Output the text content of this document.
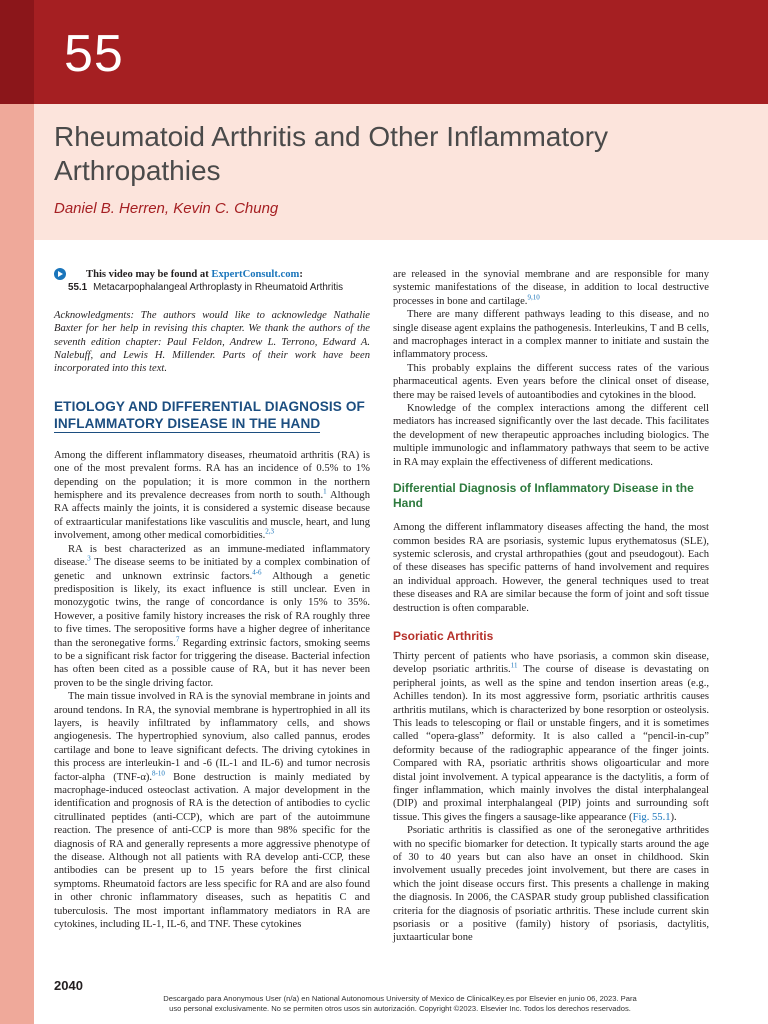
55
Rheumatoid Arthritis and Other Inflammatory Arthropathies
Daniel B. Herren, Kevin C. Chung

This video may be found at ExpertConsult.com:

55.1 Metacarpophalangeal Arthroplasty in Rheumatoid Arthritis

Acknowledgments: The authors would like to acknowledge Nathalie Baxter for her help in revising this chapter. We thank the authors of the seventh edition chapter: Paul Feldon, Andrew L. Terrono, Edward A. Nalebuff, and Lewis H. Millender. Parts of their work have been incorporated into this text.

ETIOLOGY AND DIFFERENTIAL DIAGNOSIS OF
INFLAMMATORY DISEASE IN THE HAND

Among the different inflammatory diseases, rheumatoid arthritis (RA) is one of the most prevalent forms. RA has an incidence of 0.5% to 1% depending on the population; it is more common in the northern hemisphere and its prevalence decreases from north to south.$^1$ Although RA affects mainly the joints, it is considered a systemic disease because of extraarticular manifestations like vasculitis and muscle, heart, and lung involvement, among other medical comorbidities.$^{2,3}$

RA is best characterized as an immune-mediated inflammatory disease.$^3$ The disease seems to be initiated by a complex combination of genetic and unknown extrinsic factors.$^{4-6}$ Although a genetic predisposition is likely, its exact influence is still unclear. Even in monozygotic twins, the range of concordance is only 15% to 35%. However, a positive family history increases the risk of RA roughly three to five times. The seropositive forms have a higher degree of inheritance than the seronegative forms.$^7$ Regarding extrinsic factors, smoking seems to be a significant risk factor for triggering the disease. Bacterial infection has often been cited as a possible cause of RA, but it has never been proven to be the single driving factor.

The main tissue involved in RA is the synovial membrane in joints and around tendons. In RA, the synovial membrane is hypertrophied in all its layers, is heavily infiltrated by inflammatory cells, and shows angiogenesis. The hypertrophied synovium, also called pannus, erodes cartilage and bone to leave significant defects. The driving cytokines in this process are interleukin-1 and -6 (IL-1 and IL-6) and tumor necrosis factor-alpha (TNF-α).$^{8-10}$ Bone destruction is mainly mediated by macrophage-induced osteoclast activation. A major development in the identification and prognosis of RA is the detection of antibodies to cyclic citrullinated peptides (anti-CCP), which are part of the autoimmune reaction. The presence of anti-CCP is more than 98% specific for the diagnosis of RA and generally represents a more aggressive phenotype of the disease. Although not all patients with RA develop anti-CCP, these antibodies can be present up to 15 years before the first clinical symptoms. Rheumatoid factors are less specific for RA and are also found in other chronic inflammatory diseases, such as hepatitis C and tuberculosis. The most important inflammatory mediators in RA are cytokines, including IL-1, IL-6, and TNF. These cytokines

are released in the synovial membrane and are responsible for many systemic manifestations of the disease, in addition to local destructive processes in bone and cartilage.$^{9,10}$

There are many different pathways leading to this disease, and no single disease agent explains the pathogenesis. Interleukins, T and B cells, and macrophages interact in a complex manner to initiate and sustain the inflammatory process.

This probably explains the different success rates of the various pharmaceutical agents. Even years before the clinical onset of disease, there may be raised levels of autoantibodies and cytokines in the blood.

Knowledge of the complex interactions among the different cell mediators has increased significantly over the last decade. This facilitates the development of new therapeutic approaches including biologics. The multiple immunologic and inflammatory pathways that seem to be active in RA may explain the effectiveness of different medications.

Differential Diagnosis of Inflammatory Disease in the Hand

Among the different inflammatory diseases affecting the hand, the most common besides RA are psoriasis, systemic lupus erythematosus (SLE), systemic sclerosis, and crystal arthropathies (gout and pseudogout). Each of these diseases has specific patterns of hand involvement and requires an individual approach. However, the general techniques used to treat these diseases and RA are similar because the form of joint and soft tissue destruction is often comparable.

Psoriatic Arthritis

Thirty percent of patients who have psoriasis, a common skin disease, develop psoriatic arthritis.$^{11}$ The course of disease is devastating on peripheral joints, as well as the spine and tendon insertion areas (e.g., Achilles tendon). In its most aggressive form, psoriatic arthritis causes arthritis mutilans, which is characterized by bone resorption or osteolysis. This leads to telescoping or flail or unstable fingers, and it is sometimes called “opera-glass” deformity. It is also called a “pencil-in-cup” deformity because of the radiographic appearance of the finger joints. Compared with RA, psoriatic arthritis shows oligoarticular and more distal joint involvement. A typical appearance is the dactylitis, a form of finger inflammation, which mainly involves the distal interphalangeal (DIP) and proximal interphalangeal (PIP) joints and surrounding soft tissue. This gives the fingers a sausage-like appearance (Fig. 55.1).

Psoriatic arthritis is classified as one of the seronegative arthritides with no specific biomarker for detection. It typically starts around the age of 30 to 40 years but can also have an onset in childhood. Skin involvement usually precedes joint involvement, but there are cases in which the joint disease occurs first. This presents a challenge in making the diagnosis. In 2006, the CASPAR study group published classification criteria for the diagnosis of psoriatic arthritis. These include current skin psoriasis or a positive (family) history of psoriasis, dactylitis, juxtaarticular bone

2040
Descargado para Anonymous User (n/a) en National Autonomous University of Mexico de ClinicalKey.es por Elsevier en junio 06, 2023. Para
uso personal exclusivamente. No se permiten otros usos sin autorización. Copyright ©2023. Elsevier Inc. Todos los derechos reservados.
